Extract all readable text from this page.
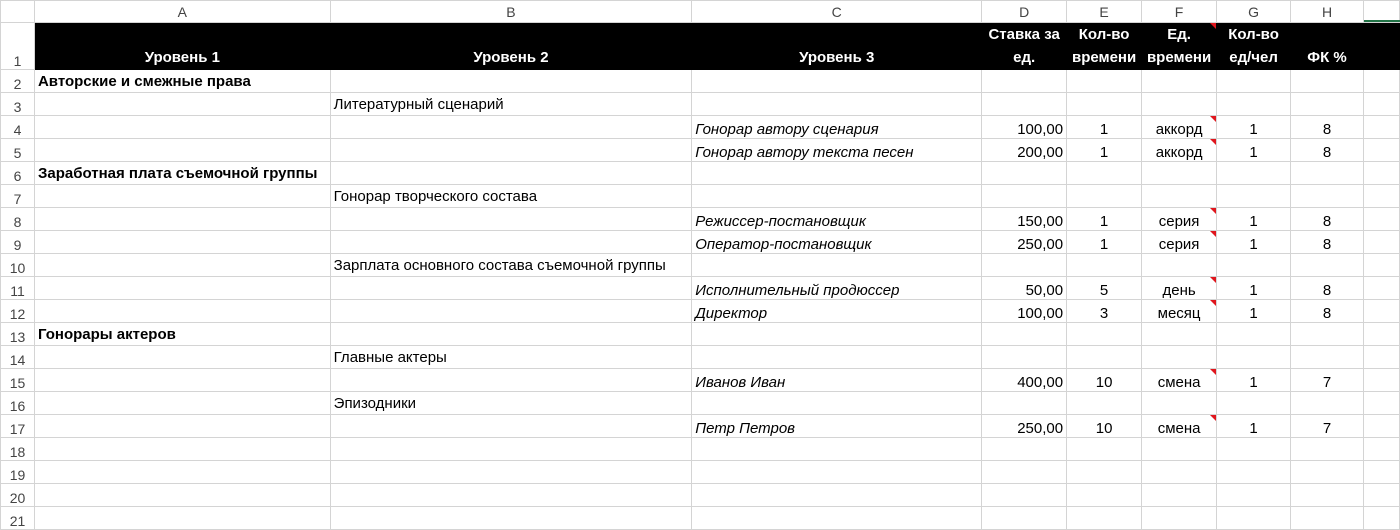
	A	B	C	D	E	F	G	H	
1	Уровень 1	Уровень 2	Уровень 3	Ставка за ед.	Кол-во времени	Ед. времени	Кол-во ед/чел	ФК %	
2	Авторские и смежные права								

3		Литературный сценарий							

4			Гонорар автору сценария	100,00	1	аккорд	1	8	
5			Гонорар автору текста песен	200,00	1	аккорд	1	8	
6	Заработная плата съемочной группы								

7		Гонорар творческого состава							

8			Режиссер-постановщик	150,00	1	серия	1	8	
9			Оператор-постановщик	250,00	1	серия	1	8	
10		Зарплата основного состава съемочной группы							

11			Исполнительный продюссер	50,00	5	день	1	8	
12			Директор	100,00	3	месяц	1	8	
13	Гонорары актеров								

14		Главные актеры							

15			Иванов Иван	400,00	10	смена	1	7	
16		Эпизодники							

17			Петр Петров	250,00	10	смена	1	7	
18									
19									
20									
21									
